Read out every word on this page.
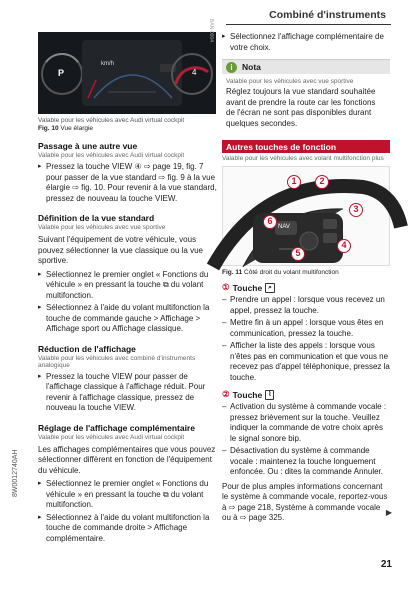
Combiné d'instruments
8W0012740AH
P
km/h
4
BAN-0004
Valable pour les véhicules avec Audi virtual cockpit
Fig. 10 Vue élargie
Passage à une autre vue
Valable pour les véhicules avec Audi virtual cockpit
▸ Pressez la touche VIEW ④ ⇨ page 19, fig. 7 pour passer de la vue standard ⇨ fig. 9 à la vue élargie ⇨ fig. 10. Pour revenir à la vue standard, pressez de nouveau la touche VIEW.
Définition de la vue standard
Valable pour les véhicules avec vue sportive

Suivant l'équipement de votre véhicule, vous pouvez sélectionner la vue classique ou la vue sportive.

▸ Sélectionnez le premier onglet « Fonctions du véhicule » en pressant la touche ⧉ du volant multifonction.
▸ Sélectionnez à l'aide du volant multifonction la touche de commande gauche > Affichage > Affichage sport ou Affichage classique.
Réduction de l'affichage
Valable pour les véhicules avec combiné d'instruments analogique
▸ Pressez la touche VIEW pour passer de l'affichage classique à l'affichage réduit. Pour revenir à l'affichage classique, pressez de nouveau la touche VIEW.
Réglage de l'affichage complémentaire
Valable pour les véhicules avec Audi virtual cockpit

Les affichages complémentaires que vous pouvez sélectionner diffèrent en fonction de l'équipement du véhicule.

▸ Sélectionnez le premier onglet « Fonctions du véhicule » en pressant la touche ⧉ du volant multifonction.
▸ Sélectionnez à l'aide du volant multifonction la touche de commande droite > Affichage complémentaire.
▸ Sélectionnez l'affichage complémentaire de votre choix.
i	Nota
Valable pour les véhicules avec vue sportive

Réglez toujours la vue standard souhaitée avant de prendre la route car les fonctions de l'écran ne sont pas disponibles durant quelques secondes.

Autres touches de fonction
Valable pour les véhicules avec volant multifonction plus
NAV
1	2
3
4
5
6
Fig. 11 Côté droit du volant multifonction
① Touche ⌕
– Prendre un appel : lorsque vous recevez un appel, pressez la touche.
– Mettre fin à un appel : lorsque vous êtes en communication, pressez la touche.
– Afficher la liste des appels : lorsque vous n'êtes pas en communication et que vous ne recevez pas d'appel téléphonique, pressez la touche.
② Touche ⌇
– Activation du système à commande vocale : pressez brièvement sur la touche. Veuillez indiquer la commande de votre choix après le signal sonore bip.
– Désactivation du système à commande vocale : maintenez la touche longuement enfoncée. Ou : dites la commande Annuler.

Pour de plus amples informations concernant le système à commande vocale, reportez-vous à ⇨ page 218, Système à commande vocale ou à ⇨ page 325.

▶
21
